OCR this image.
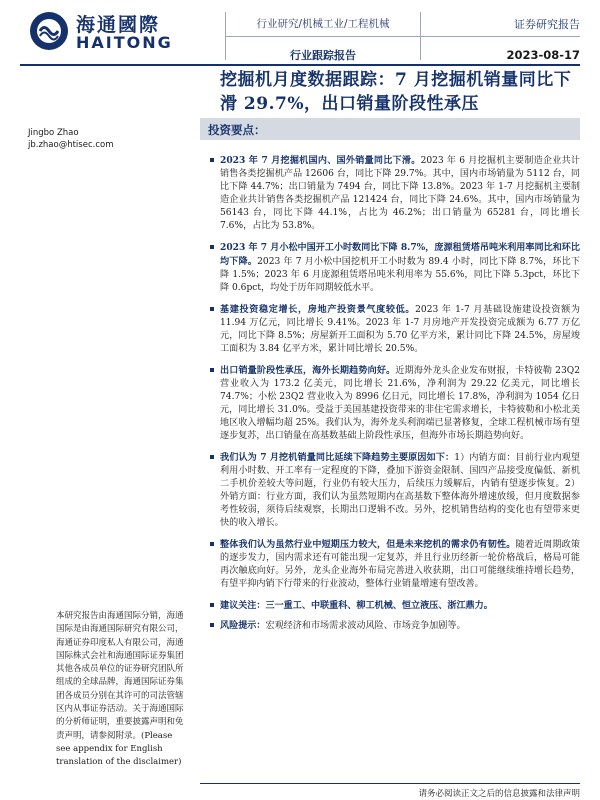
海通國際
HAITONG
行业研究/机械工业/工程机械
行业跟踪报告
证券研究报告
2023-08-17
挖掘机月度数据跟踪：7 月挖掘机销量同比下滑 29.7%，出口销量阶段性承压
Jingbo Zhao
jb.zhao@htisec.com
投资要点：
2023 年 7 月挖掘机国内、国外销量同比下滑。2023 年 6 月挖掘机主要制造企业共计销售各类挖掘机产品 12606 台，同比下降 29.7%。其中，国内市场销量为 5112 台，同比下降 44.7%；出口销量为 7494 台，同比下降 13.8%。2023 年 1-7 月挖掘机主要制造企业共计销售各类挖掘机产品 121424 台，同比下降 24.6%。其中，国内市场销量为 56143 台，同比下降 44.1%，占比为 46.2%；出口销量为 65281 台，同比增长 7.6%，占比为 53.8%。
2023 年 7 月小松中国开工小时数同比下降 8.7%，庞源租赁塔吊吨米利用率同比和环比均下降。2023 年 7 月小松中国挖机开工小时数为 89.4 小时，同比下降 8.7%，环比下降 1.5%；2023 年 6 月庞源租赁塔吊吨米利用率为 55.6%，同比下降 5.3pct，环比下降 0.6pct，均处于历年同期较低水平。
基建投资稳定增长，房地产投资景气度较低。2023 年 1-7 月基础设施建设投资额为 11.94 万亿元，同比增长 9.41%。2023 年 1-7 月房地产开发投资完成额为 6.77 万亿元，同比下降 8.5%；房屋新开工面积为 5.70 亿平方米，累计同比下降 24.5%，房屋竣工面积为 3.84 亿平方米，累计同比增长 20.5%。
出口销量阶段性承压，海外长期趋势向好。近期海外龙头企业发布财报，卡特彼勒 23Q2 营业收入为 173.2 亿美元，同比增长 21.6%，净利润为 29.22 亿美元，同比增长 74.7%；小松 23Q2 营业收入为 8996 亿日元，同比增长 17.8%，净利润为 1054 亿日元，同比增长 31.0%。受益于美国基建投资带来的非住宅需求增长，卡特彼勒和小松北美地区收入增幅均超 25%。我们认为，海外龙头利润端已显著修复，全球工程机械市场有望逐步复苏，出口销量在高基数基础上阶段性承压，但海外市场长期趋势向好。
我们认为 7 月挖机销量同比延续下降趋势主要原因如下：1）内销方面：目前行业内观望利用小时数、开工率有一定程度的下降，叠加下游资金限制、国四产品接受度偏低、新机二手机价差较大等问题，行业仍有较大压力，后续压力缓解后，内销有望逐步恢复。2）外销方面：行业方面，我们认为虽然短期内在高基数下整体海外增速放缓，但月度数据参考性较弱，须待后续观察，长期出口逻辑不改。另外，挖机销售结构的变化也有望带来更快的收入增长。
整体我们认为虽然行业中短期压力较大，但是未来挖机的需求仍有韧性。随着近周期政策的逐步发力，国内需求还有可能出现一定复苏，并且行业历经新一轮价格战后，格局可能再次触底向好。另外，龙头企业海外布局完善进入收获期，出口可能继续维持增长趋势，有望平抑内销下行带来的行业波动，整体行业销量增速有望改善。
建议关注：三一重工、中联重科、柳工机械、恒立液压、浙江鼎力。
风险提示：宏观经济和市场需求波动风险、市场竞争加剧等。
本研究报告由海通国际分销，海通国际是由海通国际研究有限公司，海通证券印度私人有限公司，海通国际株式会社和海通国际证券集团其他各成员单位的证券研究团队所组成的全球品牌，海通国际证券集团各成员分别在其许可的司法管辖区内从事证券活动。关于海通国际的分析师证明，重要披露声明和免责声明，请参阅附录。(Please see appendix for English translation of the disclaimer)
请务必阅读正文之后的信息披露和法律声明
